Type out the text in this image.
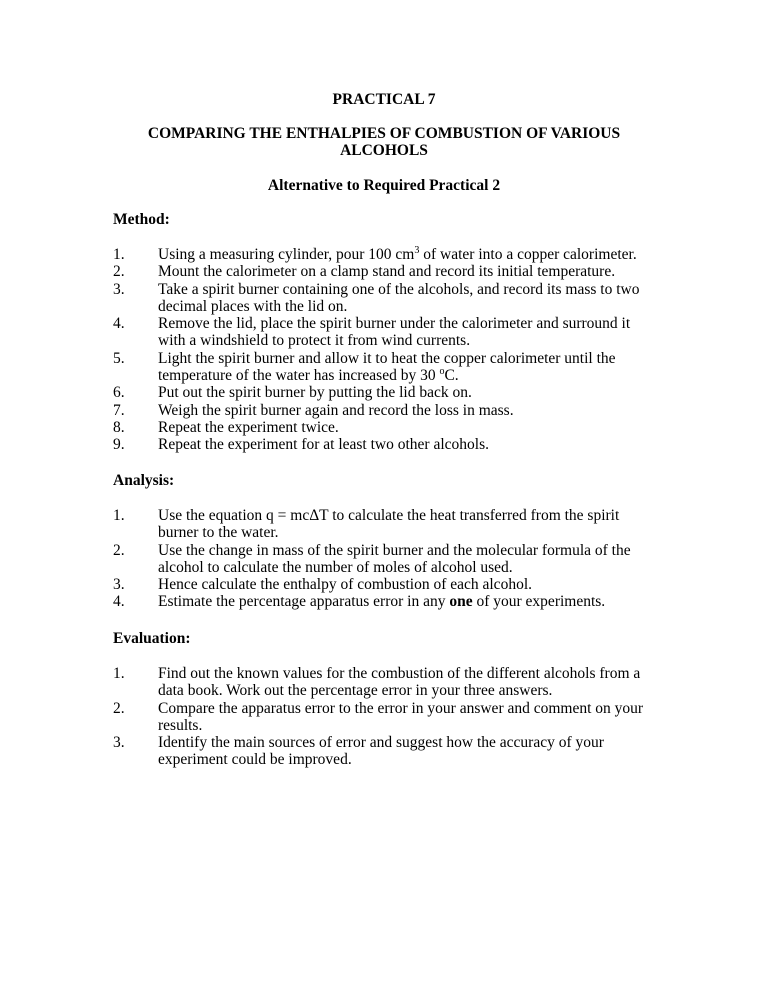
PRACTICAL 7
COMPARING THE ENTHALPIES OF COMBUSTION OF VARIOUS
ALCOHOLS
Alternative to Required Practical 2
Method:
1. Using a measuring cylinder, pour 100 $cm^3$ of water into a copper calorimeter.
2. Mount the calorimeter on a clamp stand and record its initial temperature.
3. Take a spirit burner containing one of the alcohols, and record its mass to two decimal places with the lid on.
4. Remove the lid, place the spirit burner under the calorimeter and surround it with a windshield to protect it from wind currents.
5. Light the spirit burner and allow it to heat the copper calorimeter until the temperature of the water has increased by 30 $^o$C.
6. Put out the spirit burner by putting the lid back on.
7. Weigh the spirit burner again and record the loss in mass.
8. Repeat the experiment twice.
9. Repeat the experiment for at least two other alcohols.
Analysis:
1. Use the equation q = mcΔT to calculate the heat transferred from the spirit burner to the water.
2. Use the change in mass of the spirit burner and the molecular formula of the alcohol to calculate the number of moles of alcohol used.
3. Hence calculate the enthalpy of combustion of each alcohol.
4. Estimate the percentage apparatus error in any one of your experiments.
Evaluation:
1. Find out the known values for the combustion of the different alcohols from a data book. Work out the percentage error in your three answers.
2. Compare the apparatus error to the error in your answer and comment on your results.
3. Identify the main sources of error and suggest how the accuracy of your experiment could be improved.
